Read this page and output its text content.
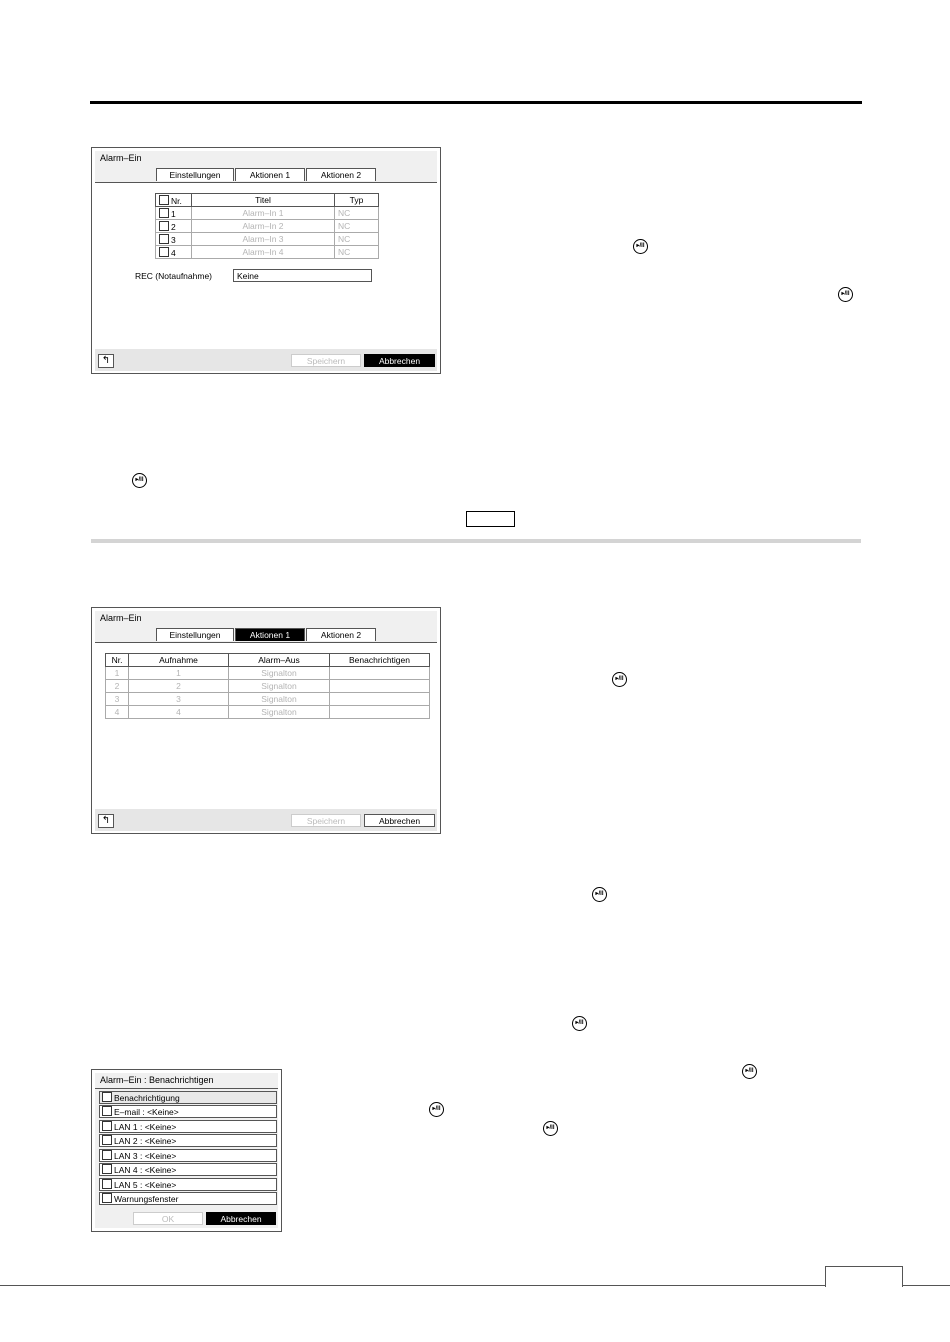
▸/II
▸/II
▸/II
▸/II
▸/II
▸/II
▸/II
▸/II
▸/II
Alarm–Ein
Einstellungen	Aktionen 1	Aktionen 2
Nr.	Titel	Typ
1	Alarm–In 1	NC
2	Alarm–In 2	NC
3	Alarm–In 3	NC
4	Alarm–In 4	NC
REC (Notaufnahme)	Keine
↰	Speichern	Abbrechen
Alarm–Ein
Einstellungen	Aktionen 1	Aktionen 2
Nr.	Aufnahme	Alarm–Aus	Benachrichtigen
1	1	Signalton	
2	2	Signalton	
3	3	Signalton	
4	4	Signalton	
↰	Speichern	Abbrechen
Alarm–Ein : Benachrichtigen
Benachrichtigung
E–mail : <Keine>
LAN 1 : <Keine>
LAN 2 : <Keine>
LAN 3 : <Keine>
LAN 4 : <Keine>
LAN 5 : <Keine>
Warnungsfenster
OK	Abbrechen
